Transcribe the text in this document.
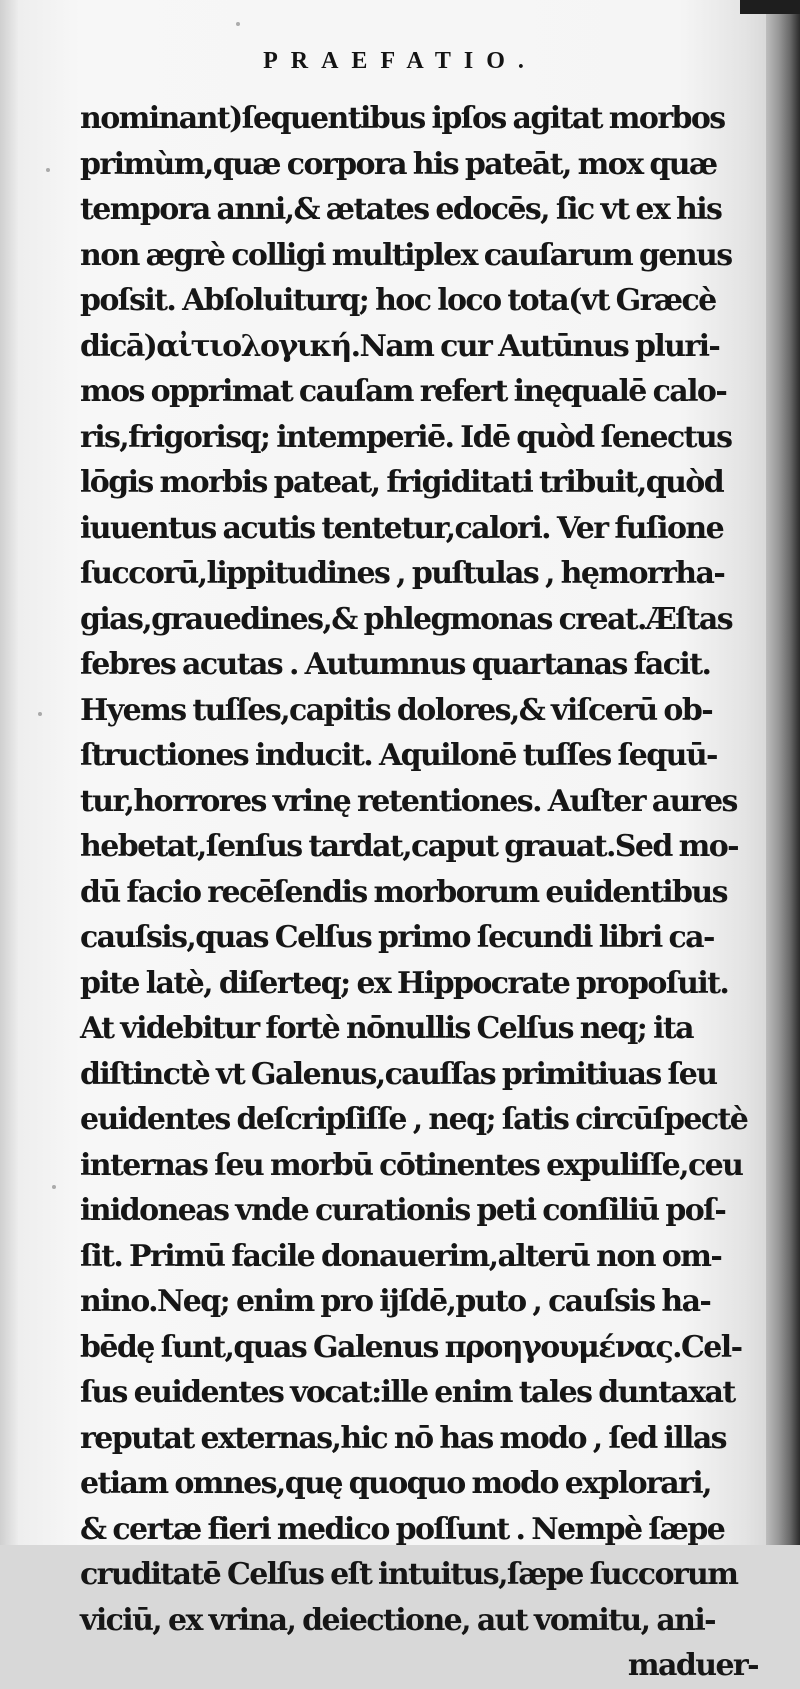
PRAEFATIO.
nominant)ſequentibus ipſos agitat morbos
primùm,quæ corpora his pateāt, mox quæ
tempora anni,& ætates edocēs, ſic vt ex his
non ægrè colligi multiplex cauſarum genus
poſsit. Abſoluiturq; hoc loco tota(vt Græcè
dicā)αἰτιολογική.Nam cur Autūnus pluri-
mos opprimat cauſam refert inęqualē calo-
ris,frigorisq; intemperiē. Idē quòd ſenectus
lōgis morbis pateat, frigiditati tribuit,quòd
iuuentus acutis tentetur,calori. Ver fuſione
ſuccorū,lippitudines , puſtulas , hęmorrha-
gias,grauedines,& phlegmonas creat.Æſtas
febres acutas . Autumnus quartanas facit.
Hyems tuſſes,capitis dolores,& viſcerū ob-
ſtructiones inducit. Aquilonē tuſſes ſequū-
tur,horrores vrinę retentiones. Auſter aures
hebetat,ſenſus tardat,caput grauat.Sed mo-
dū facio recēſendis morborum euidentibus
cauſsis,quas Celſus primo ſecundi libri ca-
pite latè, diſerteq; ex Hippocrate propoſuit.
At videbitur fortè nōnullis Celſus neq; ita
diſtinctè vt Galenus,cauſſas primitiuas ſeu
euidentes deſcripſiſſe , neq; ſatis circūſpectè
internas ſeu morbū cōtinentes expuliſſe,ceu
inidoneas vnde curationis peti conſiliū poſ-
ſit. Primū facile donauerim,alterū non om-
nino.Neq; enim pro ijſdē,puto , cauſsis ha-
bēdę ſunt,quas Galenus προηγουμένας.Cel-
ſus euidentes vocat:ille enim tales duntaxat
reputat externas,hic nō has modo , ſed illas
etiam omnes,quę quoquo modo explorari,
& certæ fieri medico poſſunt . Nempè ſæpe
cruditatē Celſus eſt intuitus,ſæpe ſuccorum
viciū, ex vrina, deiectione, aut vomitu, ani-
maduer-
